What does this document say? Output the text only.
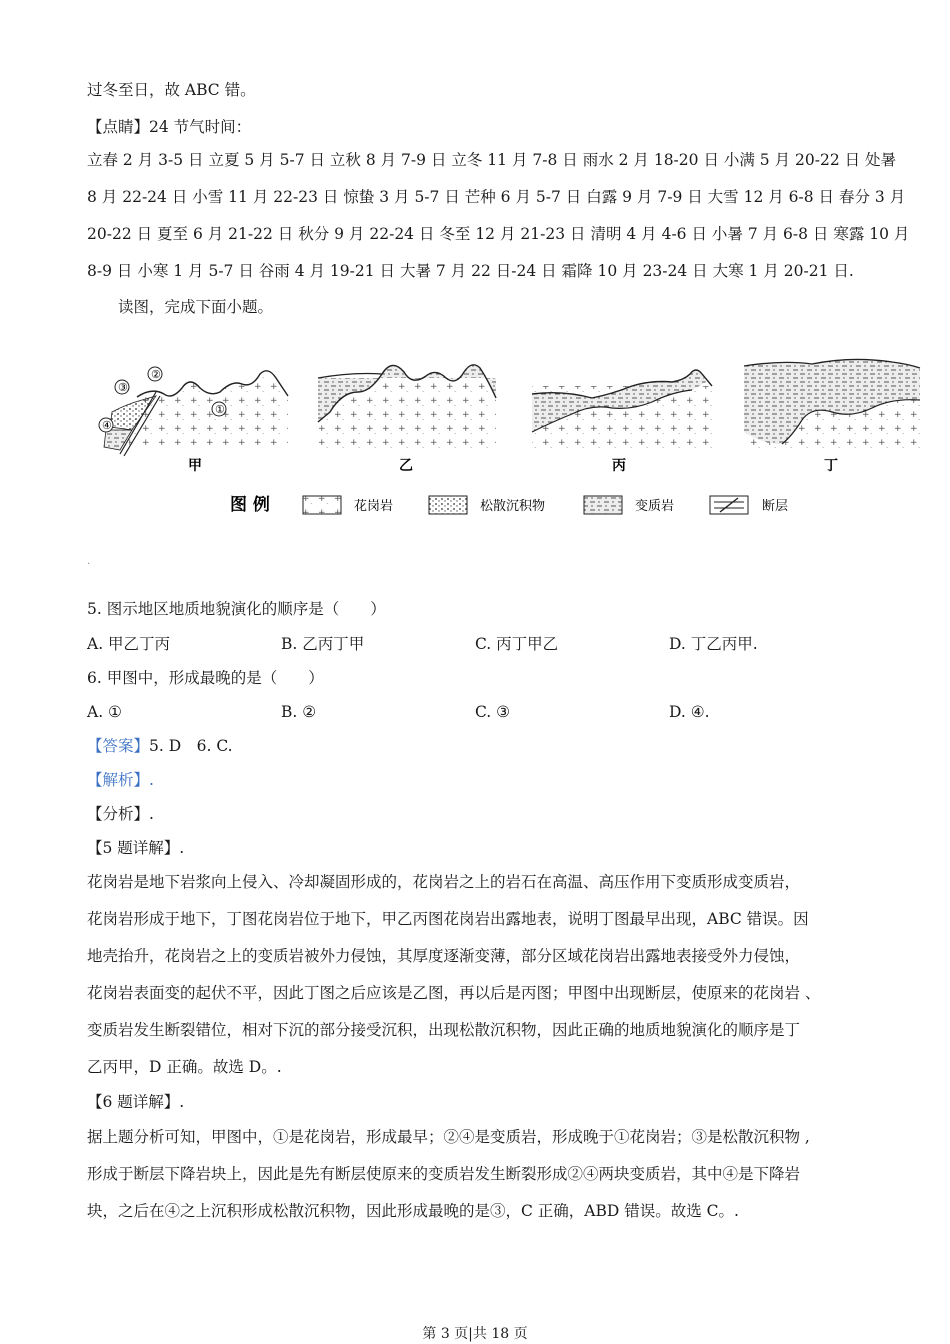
过冬至日，故 ABC 错。
【点睛】24 节气时间：
立春 2 月 3-5 日 立夏 5 月 5-7 日 立秋 8 月 7-9 日 立冬 11 月 7-8 日 雨水 2 月 18-20 日 小满 5 月 20-22 日 处暑
8 月 22-24 日 小雪 11 月 22-23 日 惊蛰 3 月 5-7 日 芒种 6 月 5-7 日 白露 9 月 7-9 日 大雪 12 月 6-8 日 春分 3 月
20-22 日 夏至 6 月 21-22 日 秋分 9 月 22-24 日 冬至 12 月 21-23 日 清明 4 月 4-6 日 小暑 7 月 6-8 日 寒露 10 月
8-9 日 小寒 1 月 5-7 日 谷雨 4 月 19-21 日 大暑 7 月 22 日-24 日 霜降 10 月 23-24 日 大寒 1 月 20-21 日.
读图，完成下面小题。
②
③
④
①
甲	乙	丙	丁
图 例	花岗岩	松散沉积物	变质岩	断层
.
5. 图示地区地质地貌演化的顺序是（　　）
A. 甲乙丁丙	B. 乙丙丁甲	C. 丙丁甲乙	D. 丁乙丙甲.
6. 甲图中，形成最晚的是（　　）
A. ①	B. ②	C. ③	D. ④.
【答案】5. D　6. C.
【解析】.
【分析】.
【5 题详解】.
花岗岩是地下岩浆向上侵入、冷却凝固形成的，花岗岩之上的岩石在高温、高压作用下变质形成变质岩，
花岗岩形成于地下，丁图花岗岩位于地下，甲乙丙图花岗岩出露地表，说明丁图最早出现，ABC 错误。因
地壳抬升，花岗岩之上的变质岩被外力侵蚀，其厚度逐渐变薄，部分区域花岗岩出露地表接受外力侵蚀，
花岗岩表面变的起伏不平，因此丁图之后应该是乙图，再以后是丙图；甲图中出现断层，使原来的花岗岩 、
变质岩发生断裂错位，相对下沉的部分接受沉积，出现松散沉积物，因此正确的地质地貌演化的顺序是丁
乙丙甲，D 正确。故选 D。.
【6 题详解】.
据上题分析可知，甲图中，①是花岗岩，形成最早；②④是变质岩，形成晚于①花岗岩；③是松散沉积物 ,
形成于断层下降岩块上，因此是先有断层使原来的变质岩发生断裂形成②④两块变质岩，其中④是下降岩
块，之后在④之上沉积形成松散沉积物，因此形成最晚的是③，C 正确，ABD 错误。故选 C。.
第 3 页|共 18 页
